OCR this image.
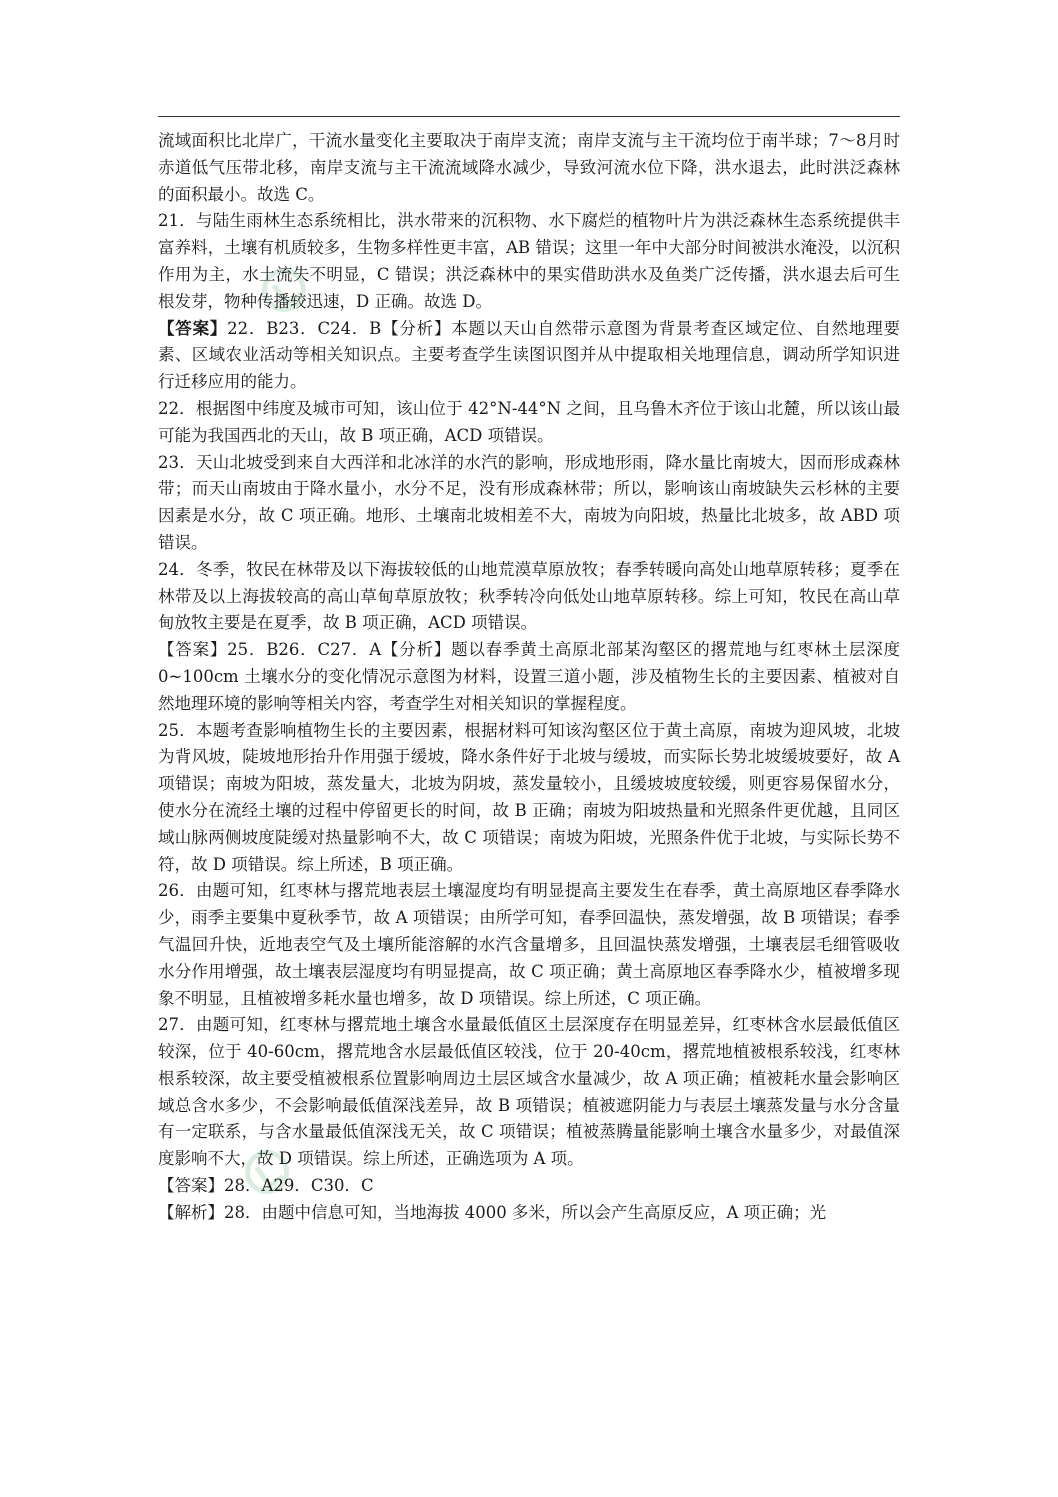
流域面积比北岸广，干流水量变化主要取决于南岸支流；南岸支流与主干流均位于南半球；7～8月时赤道低气压带北移，南岸支流与主干流流域降水减少，导致河流水位下降，洪水退去，此时洪泛森林的面积最小。故选 C。

21．与陆生雨林生态系统相比，洪水带来的沉积物、水下腐烂的植物叶片为洪泛森林生态系统提供丰富养料，土壤有机质较多，生物多样性更丰富，AB 错误；这里一年中大部分时间被洪水淹没，以沉积作用为主，水土流失不明显，C 错误；洪泛森林中的果实借助洪水及鱼类广泛传播，洪水退去后可生根发芽，物种传播较迅速，D 正确。故选 D。

【答案】22．B23．C24．B【分析】本题以天山自然带示意图为背景考查区域定位、自然地理要素、区域农业活动等相关知识点。主要考查学生读图识图并从中提取相关地理信息，调动所学知识进行迁移应用的能力。

22．根据图中纬度及城市可知，该山位于 42°N-44°N 之间，且乌鲁木齐位于该山北麓，所以该山最可能为我国西北的天山，故 B 项正确，ACD 项错误。

23．天山北坡受到来自大西洋和北冰洋的水汽的影响，形成地形雨，降水量比南坡大，因而形成森林带；而天山南坡由于降水量小，水分不足，没有形成森林带；所以，影响该山南坡缺失云杉林的主要因素是水分，故 C 项正确。地形、土壤南北坡相差不大，南坡为向阳坡，热量比北坡多，故 ABD 项错误。

24．冬季，牧民在林带及以下海拔较低的山地荒漠草原放牧；春季转暖向高处山地草原转移；夏季在林带及以上海拔较高的高山草甸草原放牧；秋季转冷向低处山地草原转移。综上可知，牧民在高山草甸放牧主要是在夏季，故 B 项正确，ACD 项错误。

【答案】25．B26．C27．A【分析】题以春季黄土高原北部某沟壑区的撂荒地与红枣林土层深度 0~100cm 土壤水分的变化情况示意图为材料，设置三道小题，涉及植物生长的主要因素、植被对自然地理环境的影响等相关内容，考查学生对相关知识的掌握程度。

25．本题考查影响植物生长的主要因素，根据材料可知该沟壑区位于黄土高原，南坡为迎风坡，北坡为背风坡，陡坡地形抬升作用强于缓坡，降水条件好于北坡与缓坡，而实际长势北坡缓坡要好，故 A 项错误；南坡为阳坡，蒸发量大，北坡为阴坡，蒸发量较小，且缓坡坡度较缓，则更容易保留水分，使水分在流经土壤的过程中停留更长的时间，故 B 正确；南坡为阳坡热量和光照条件更优越，且同区域山脉两侧坡度陡缓对热量影响不大，故 C 项错误；南坡为阳坡，光照条件优于北坡，与实际长势不符，故 D 项错误。综上所述，B 项正确。

26．由题可知，红枣林与撂荒地表层土壤湿度均有明显提高主要发生在春季，黄土高原地区春季降水少，雨季主要集中夏秋季节，故 A 项错误；由所学可知，春季回温快，蒸发增强，故 B 项错误；春季气温回升快，近地表空气及土壤所能溶解的水汽含量增多，且回温快蒸发增强，土壤表层毛细管吸收水分作用增强，故土壤表层湿度均有明显提高，故 C 项正确；黄土高原地区春季降水少，植被增多现象不明显，且植被增多耗水量也增多，故 D 项错误。综上所述，C 项正确。

27．由题可知，红枣林与撂荒地土壤含水量最低值区土层深度存在明显差异，红枣林含水层最低值区较深，位于 40-60cm，撂荒地含水层最低值区较浅，位于 20-40cm，撂荒地植被根系较浅，红枣林根系较深，故主要受植被根系位置影响周边土层区域含水量减少，故 A 项正确；植被耗水量会影响区域总含水多少，不会影响最低值深浅差异，故 B 项错误；植被遮阴能力与表层土壤蒸发量与水分含量有一定联系，与含水量最低值深浅无关，故 C 项错误；植被蒸腾量能影响土壤含水量多少，对最值深度影响不大，故 D 项错误。综上所述，正确选项为 A 项。

【答案】28．A29．C30．C

【解析】28．由题中信息可知，当地海拔 4000 多米，所以会产生高原反应，A 项正确；光
